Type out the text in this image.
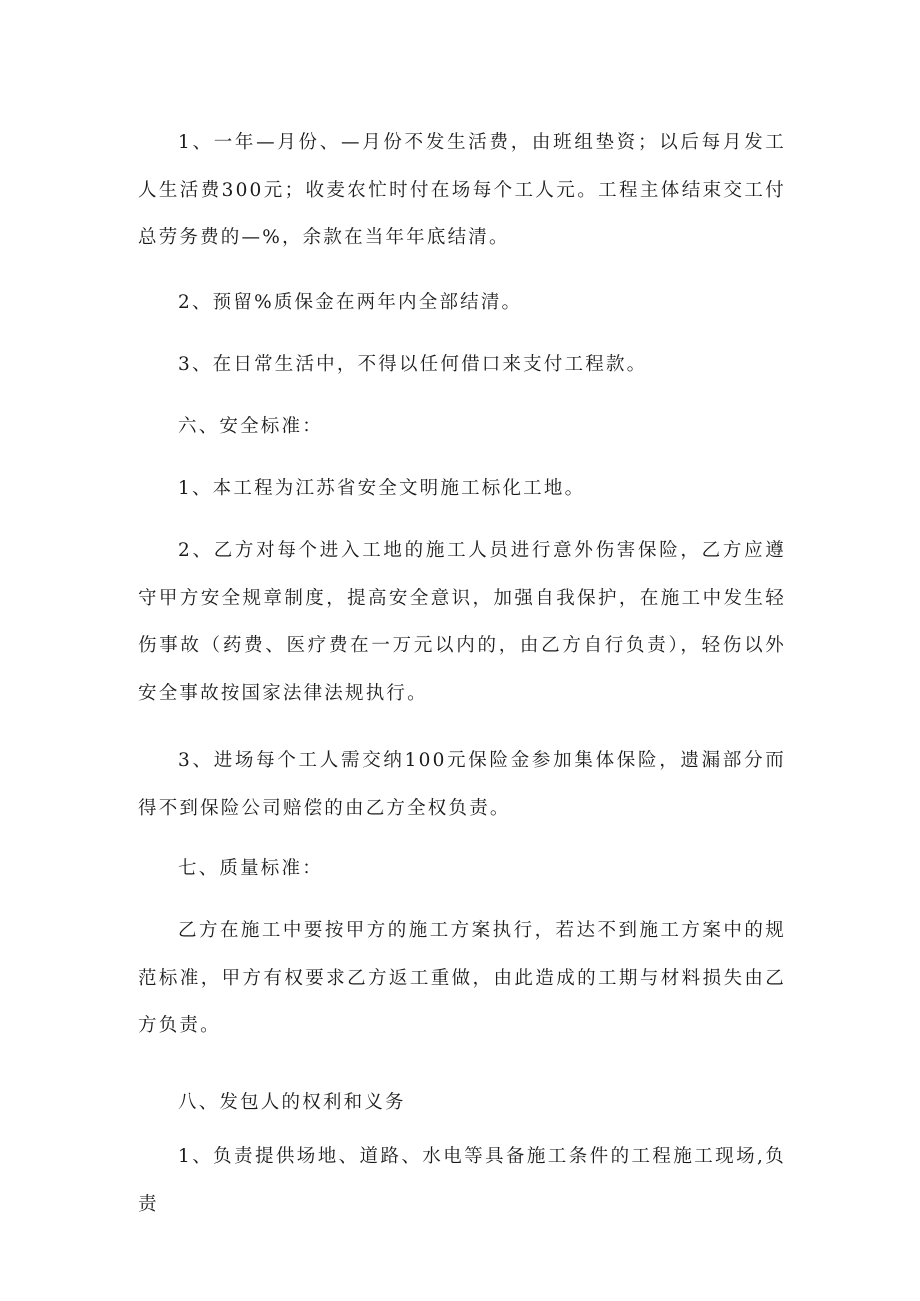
1、一年—月份、—月份不发生活费，由班组垫资；以后每月发工人生活费300元；收麦农忙时付在场每个工人元。工程主体结束交工付总劳务费的—%，余款在当年年底结清。

2、预留%质保金在两年内全部结清。

3、在日常生活中，不得以任何借口来支付工程款。

六、安全标准：

1、本工程为江苏省安全文明施工标化工地。

2、乙方对每个进入工地的施工人员进行意外伤害保险，乙方应遵守甲方安全规章制度，提高安全意识，加强自我保护，在施工中发生轻伤事故（药费、医疗费在一万元以内的，由乙方自行负责），轻伤以外安全事故按国家法律法规执行。

3、进场每个工人需交纳100元保险金参加集体保险，遗漏部分而得不到保险公司赔偿的由乙方全权负责。

七、质量标准：

乙方在施工中要按甲方的施工方案执行，若达不到施工方案中的规范标准，甲方有权要求乙方返工重做，由此造成的工期与材料损失由乙方负责。

八、发包人的权利和义务

1、负责提供场地、道路、水电等具备施工条件的工程施工现场,负责
